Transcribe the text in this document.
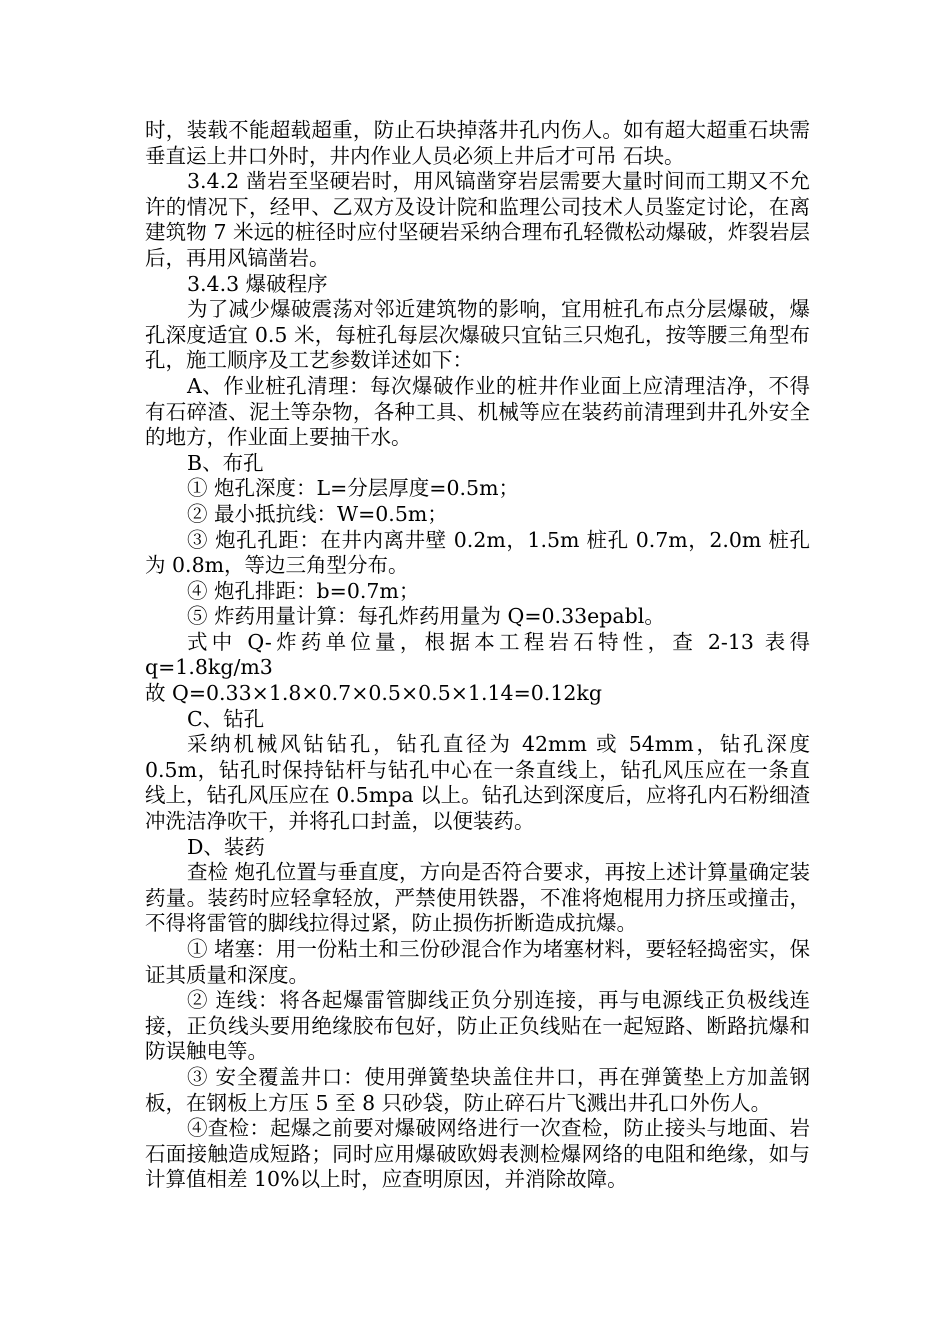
时，装载不能超载超重，防止石块掉落井孔内伤人。如有超大超重石块需垂直运上井口外时，井内作业人员必须上井后才可吊 石块。

3.4.2 凿岩至坚硬岩时，用风镐凿穿岩层需要大量时间而工期又不允许的情况下，经甲、乙双方及设计院和监理公司技术人员鉴定讨论，在离建筑物 7 米远的桩径时应付坚硬岩采纳合理布孔轻微松动爆破，炸裂岩层后，再用风镐凿岩。

3.4.3 爆破程序

为了减少爆破震荡对邻近建筑物的影响，宜用桩孔布点分层爆破，爆孔深度适宜 0.5 米，每桩孔每层次爆破只宜钻三只炮孔，按等腰三角型布孔，施工顺序及工艺参数详述如下：

A、作业桩孔清理：每次爆破作业的桩井作业面上应清理洁净，不得有石碎渣、泥土等杂物，各种工具、机械等应在装药前清理到井孔外安全的地方，作业面上要抽干水。

B、布孔

① 炮孔深度：L=分层厚度=0.5m；

② 最小抵抗线：W=0.5m；

③ 炮孔孔距：在井内离井壁 0.2m，1.5m 桩孔 0.7m，2.0m 桩孔为 0.8m，等边三角型分布。

④ 炮孔排距：b=0.7m；

⑤ 炸药用量计算：每孔炸药用量为 Q=0.33epabl。

式中 Q-炸药单位量，根据本工程岩石特性，查 2-13 表得

q=1.8kg/m3

故 Q=0.33×1.8×0.7×0.5×0.5×1.14=0.12kg

C、钻孔

采纳机械风钻钻孔，钻孔直径为 42mm 或 54mm，钻孔深度 0.5m，钻孔时保持钻杆与钻孔中心在一条直线上，钻孔风压应在一条直线上，钻孔风压应在 0.5mpa 以上。钻孔达到深度后，应将孔内石粉细渣冲洗洁净吹干，并将孔口封盖，以便装药。

D、装药

查检 炮孔位置与垂直度，方向是否符合要求，再按上述计算量确定装药量。装药时应轻拿轻放，严禁使用铁器，不准将炮棍用力挤压或撞击，不得将雷管的脚线拉得过紧，防止损伤折断造成抗爆。

① 堵塞：用一份粘土和三份砂混合作为堵塞材料，要轻轻捣密实，保证其质量和深度。

② 连线：将各起爆雷管脚线正负分别连接，再与电源线正负极线连接，正负线头要用绝缘胶布包好，防止正负线贴在一起短路、断路抗爆和防误触电等。

③ 安全覆盖井口：使用弹簧垫块盖住井口，再在弹簧垫上方加盖钢板，在钢板上方压 5 至 8 只砂袋，防止碎石片飞溅出井孔口外伤人。

④查检：起爆之前要对爆破网络进行一次查检，防止接头与地面、岩石面接触造成短路；同时应用爆破欧姆表测检爆网络的电阻和绝缘，如与计算值相差 10%以上时，应查明原因，并消除故障。
